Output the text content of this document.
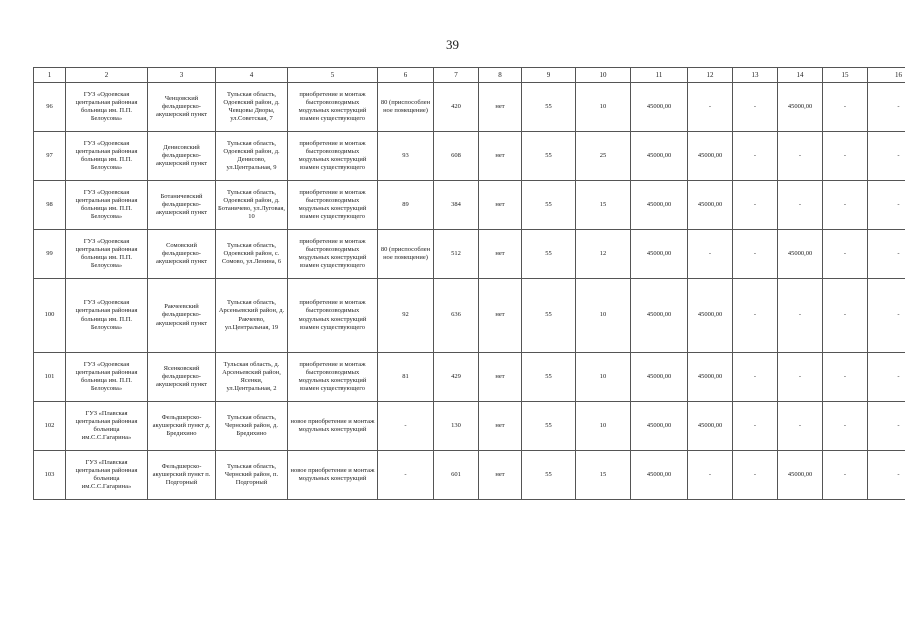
39
1	2	3	4	5	6	7	8	9	10	11	12	13	14	15	16
96	ГУЗ «Одоевская центральная районная больница им. П.П. Белоусова»	Ченцовский фельдшерско-акушерский пункт	Тульская область, Одоевский район, д. Чевцовы Дворы, ул.Советская, 7	приобретение и монтаж быстровозводимых модульных конструкций взамен существующего	80 (приспособлен ное помещение)	420	нет	55	10	45000,00	-	-	45000,00	-	-
97	ГУЗ «Одоевская центральная районная больница им. П.П. Белоусова»	Денисовский фельдшерско-акушерский пункт	Тульская область, Одоевский район, д. Денисово, ул.Центральная, 9	приобретение и монтаж быстровозводимых модульных конструкций взамен существующего	93	608	нет	55	25	45000,00	45000,00	-	-	-	-
98	ГУЗ «Одоевская центральная районная больница им. П.П. Белоусова»	Ботаничевский фельдшерско-акушерский пункт	Тульская область, Одоевский район, д. Ботаничево, ул.Луговая, 10	приобретение и монтаж быстровозводимых модульных конструкций взамен существующего	89	384	нет	55	15	45000,00	45000,00	-	-	-	-
99	ГУЗ «Одоевская центральная районная больница им. П.П. Белоусова»	Сомовский фельдшерско-акушерский пункт	Тульская область, Одоевский район, с. Сомово, ул.Ленина, 6	приобретение и монтаж быстровозводимых модульных конструкций взамен существующего	80 (приспособлен ное помещение)	512	нет	55	12	45000,00	-	-	45000,00	-	-
100	ГУЗ «Одоевская центральная районная больница им. П.П. Белоусова»	Ракчеевский фельдшерско-акушерский пункт	Тульская область, Арсеньевский район, д. Ракчеево, ул.Центральная, 19	приобретение и монтаж быстровозводимых модульных конструкций взамен существующего	92	636	нет	55	10	45000,00	45000,00	-	-	-	-
101	ГУЗ «Одоевская центральная районная больница им. П.П. Белоусова»	Ясенковский фельдшерско-акушерский пункт	Тульская область, д. Арсеньевский район, Ясенки, ул.Центральная, 2	приобретение и монтаж быстровозводимых модульных конструкций взамен существующего	81	429	нет	55	10	45000,00	45000,00	-	-	-	-
102	ГУЗ «Плавская центральная районная больница им.С.С.Гагарина»	Фельдшерско-акушерский пункт д. Бредихино	Тульская область, Чернский район, д. Бредихино	новое приобретение и монтаж модульных конструкций	-	130	нет	55	10	45000,00	45000,00	-	-	-	-
103	ГУЗ «Плавская центральная районная больница им.С.С.Гагарина»	Фельдшерско-акушерский пункт п. Подгорный	Тульская область, Чернский район, п. Подгорный	новое приобретение и монтаж модульных конструкций	-	601	нет	55	15	45000,00	-	-	45000,00	-	-
